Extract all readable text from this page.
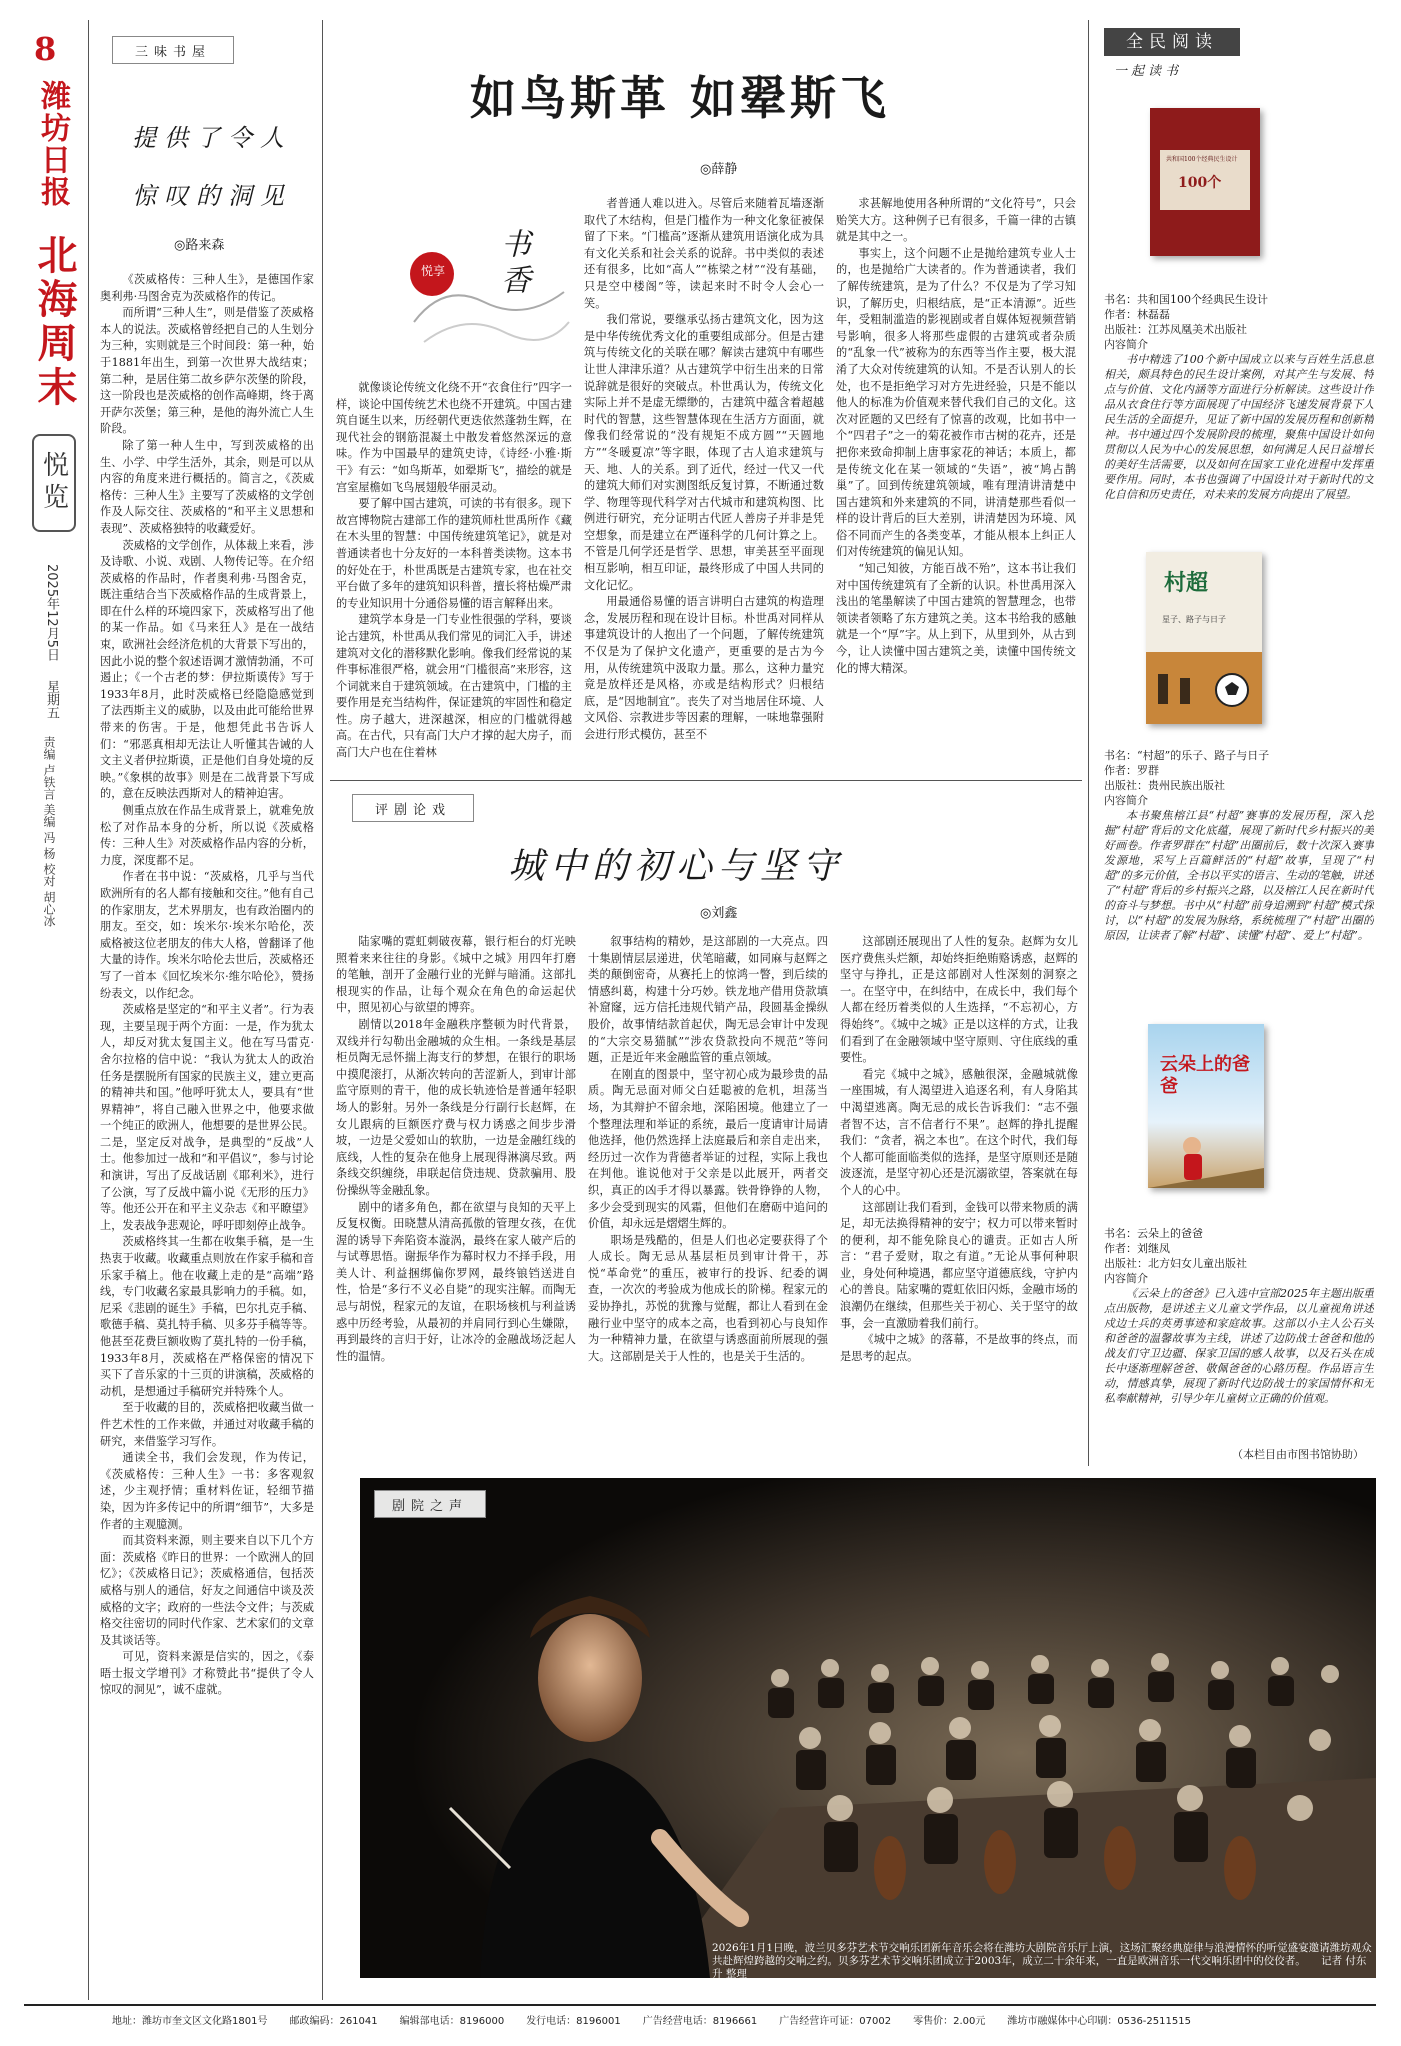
8
潍坊日报
北海周末
悦览
2025年12月5日
星期五
责编 卢铁言 美编 冯 杨 校对 胡心冰
三味书屋
提供了令人
惊叹的洞见
◎路来森

《茨威格传：三种人生》，是德国作家奥利弗·马图舍克为茨威格作的传记。

而所谓“三种人生”，则是借鉴了茨威格本人的说法。茨威格曾经把自己的人生划分为三种，实则就是三个时间段：第一种，始于1881年出生，到第一次世界大战结束；第二种，是居住第二故乡萨尔茨堡的阶段，这一阶段也是茨威格的创作高峰期，终于离开萨尔茨堡；第三种，是他的海外流亡人生阶段。

除了第一种人生中，写到茨威格的出生、小学、中学生活外，其余，则是可以从内容的角度来进行概括的。简言之，《茨威格传：三种人生》主要写了茨威格的文学创作及人际交往、茨威格的“和平主义思想和表现”、茨威格独特的收藏爱好。

茨威格的文学创作，从体裁上来看，涉及诗歌、小说、戏剧、人物传记等。在介绍茨威格的作品时，作者奥利弗·马图舍克，既注重结合当下茨威格作品的生成背景上，即在什么样的环境四家下，茨威格写出了他的某一作品。如《马来狂人》是在一战结束，欧洲社会经济危机的大背景下写出的，因此小说的整个叙述语调才激情勃涌，不可遏止；《一个古老的梦：伊拉斯谟传》写于1933年8月，此时茨威格已经隐隐感觉到了法西斯主义的威胁，以及由此可能给世界带来的伤害。于是，他想凭此书告诉人们：“邪恶真相却无法让人听懂其告诫的人文主义者伊拉斯谟，正是他们自身处境的反映。”《象棋的故事》则是在二战背景下写成的，意在反映法西斯对人的精神迫害。

侧重点放在作品生成背景上，就难免放松了对作品本身的分析，所以说《茨威格传：三种人生》对茨威格作品内容的分析，力度，深度都不足。

作者在书中说：“茨威格，几乎与当代欧洲所有的名人都有接触和交往。”他有自己的作家朋友，艺术界朋友，也有政治圈内的朋友。至交，如：埃米尔·埃米尔哈伦，茨威格被这位老朋友的伟大人格，曾翻译了他大量的诗作。埃米尔哈伦去世后，茨威格还写了一首本《回忆埃米尔·维尔哈伦》，赞扬纷表文，以作纪念。

茨威格是坚定的“和平主义者”。行为表现，主要呈现于两个方面：一是，作为犹太人，却反对犹太复国主义。他在写马雷克·舍尔拉格的信中说：“我认为犹太人的政治任务是摆脱所有国家的民族主义，建立更高的精神共和国。”他呼吁犹太人，要具有“世界精神”，将自己融入世界之中，他要求做一个纯正的欧洲人，他想要的是世界公民。二是，坚定反对战争，是典型的“反战”人士。他参加过一战和“和平倡议”，参与讨论和演讲，写出了反战话剧《耶利米》，进行了公演，写了反战中篇小说《无形的压力》等。他还公开在和平主义杂志《和平瞭望》上，发表战争悲观论，呼吁即刻停止战争。

茨威格终其一生都在收集手稿，是一生热衷于收藏。收藏重点则放在作家手稿和音乐家手稿上。他在收藏上走的是“高端”路线，专门收藏名家最具影响力的手稿。如，尼采《悲剧的诞生》手稿，巴尔扎克手稿、歌德手稿、莫扎特手稿、贝多芬手稿等等。他甚至花费巨额收购了莫扎特的一份手稿，1933年8月，茨威格在严格保密的情况下买下了音乐家的十三页的讲演稿，茨威格的动机，是想通过手稿研究并特殊个人。

至于收藏的目的，茨威格把收藏当做一件艺术性的工作来做，并通过对收藏手稿的研究，来借鉴学习写作。

通读全书，我们会发现，作为传记，《茨威格传：三种人生》一书：多客观叙述，少主观抒情；重材料佐证，轻细节描染，因为许多传记中的所谓“细节”，大多是作者的主观臆测。

而其资料来源，则主要来自以下几个方面：茨威格《昨日的世界：一个欧洲人的回忆》；《茨威格日记》；茨威格通信，包括茨威格与别人的通信，好友之间通信中谈及茨威格的文字；政府的一些法令文件；与茨威格交往密切的同时代作家、艺术家们的文章及其谈话等。

可见，资料来源是信实的，因之，《泰晤士报文学增刊》才称赞此书“提供了令人惊叹的洞见”，诚不虚就。

如鸟斯革 如翚斯飞
◎薛静
悦享 书香

就像谈论传统文化绕不开“衣食住行”四字一样，谈论中国传统艺术也绕不开建筑。中国古建筑自诞生以来，历经朝代更迭依然蓬勃生辉，在现代社会的钢筋混凝土中散发着悠然深远的意味。作为中国最早的建筑史诗，《诗经·小雅·斯干》有云：“如鸟斯革，如翚斯飞”，描绘的就是宫室屋檐如飞鸟展翅般华丽灵动。

要了解中国古建筑，可读的书有很多。现下故宫博物院古建部工作的建筑师杜世禹所作《藏在木头里的智慧：中国传统建筑笔记》，就是对普通读者也十分友好的一本科普类读物。这本书的好处在于，朴世禹既是古建筑专家，也在社交平台做了多年的建筑知识科普，擅长将枯燥严肃的专业知识用十分通俗易懂的语言解释出来。

建筑学本身是一门专业性很强的学科，要谈论古建筑，朴世禹从我们常见的词汇入手，讲述建筑对文化的潜移默化影响。像我们经常说的某件事标准很严格，就会用“门槛很高”来形容，这个词就来自于建筑领域。在古建筑中，门槛的主要作用是充当结构件，保证建筑的牢固性和稳定性。房子越大，进深越深，相应的门槛就得越高。在古代，只有高门大户才撑的起大房子，而高门大户也在住着林

者普通人难以进入。尽管后来随着瓦墙逐渐取代了木结构，但是门槛作为一种文化象征被保留了下来。“门槛高”逐渐从建筑用语演化成为具有文化关系和社会关系的说辞。书中类似的表述还有很多，比如“高人”“栋梁之材”“没有基础，只是空中楼阁”等，读起来时不时令人会心一笑。

我们常说，要继承弘扬古建筑文化，因为这是中华传统优秀文化的重要组成部分。但是古建筑与传统文化的关联在哪？解读古建筑中有哪些让世人津津乐道？从古建筑学中衍生出来的日常说辞就是很好的突破点。朴世禹认为，传统文化实际上并不是虚无缥缈的，古建筑中蕴含着超越时代的智慧，这些智慧体现在生活方方面面，就像我们经常说的“没有规矩不成方圆”“天圆地方”“冬暖夏凉”等字眼，体现了古人追求建筑与天、地、人的关系。到了近代，经过一代又一代的建筑大师们对实测图纸反复讨算，不断通过数学、物理等现代科学对古代城市和建筑构图、比例进行研究，充分证明古代匠人善房子并非是凭空想象，而是建立在严谨科学的几何计算之上。不管是几何学还是哲学、思想，审美甚至平面现相互影响，相互印证，最终形成了中国人共同的文化记忆。

用最通俗易懂的语言讲明白古建筑的构造理念，发展历程和现在设计目标。朴世禹对同样从事建筑设计的人抱出了一个问题，了解传统建筑不仅是为了保护文化遗产，更重要的是古为今用，从传统建筑中汲取力量。那么，这种力量究竟是放样还是风格，亦或是结构形式？归根结底，是“因地制宜”。丧失了对当地居住环境、人文风俗、宗教进步等因素的理解，一味地靠强附会进行形式模仿，甚至不

求甚解地使用各种所谓的“文化符号”，只会贻笑大方。这种例子已有很多，千篇一律的古镇就是其中之一。

事实上，这个问题不止是抛给建筑专业人士的，也是抛给广大读者的。作为普通读者，我们了解传统建筑，是为了什么？不仅是为了学习知识，了解历史，归根结底，是“正本清源”。近些年，受粗制滥造的影视剧或者自媒体短视频营销号影响，很多人将那些虚假的古建筑或者杂质的“乱象一代”被称为的东西等当作主要，极大混淆了大众对传统建筑的认知。不是否认别人的长处，也不是拒绝学习对方先进经验，只是不能以他人的标准为价值观来替代我们自己的文化。这次对匠题的又巴经有了惊喜的改观，比如书中一个“四君子”之一的菊花被作市古树的花卉，还是把你来致命抑制上唐事家花的神话；本质上，都是传统文化在某一领域的“失语”，被“鸠占鹊巢”了。回到传统建筑领域，唯有理清讲清楚中国古建筑和外来建筑的不同，讲清楚那些看似一样的设计背后的巨大差别，讲清楚因为环境、风俗不同而产生的各类变革，才能从根本上纠正人们对传统建筑的偏见认知。

“知己知彼，方能百战不殆”，这本书让我们对中国传统建筑有了全新的认识。朴世禹用深入浅出的笔墨解读了中国古建筑的智慧理念，也带领读者领略了东方建筑之美。这本书给我的感触就是一个“厚”字。从上到下，从里到外，从古到今，让人读懂中国古建筑之美，读懂中国传统文化的博大精深。

评剧论戏
城中的初心与坚守
◎刘鑫

陆家嘴的霓虹刺破夜幕，银行柜台的灯光映照着来来往往的身影。《城中之城》用四年打磨的笔触，剖开了金融行业的光鲜与暗涌。这部扎根现实的作品，让每个观众在角色的命运起伏中，照见初心与欲望的博弈。

剧情以2018年金融秩序整顿为时代背景，双线并行勾勒出金融城的众生相。一条线是基层柜员陶无忌怀揣上海支行的梦想，在银行的职场中摸爬滚打，从渐次转向的苦涩新人，到审计部监守原则的青干，他的成长轨迹恰是普通年轻职场人的影射。另外一条线是分行副行长赵辉，在女儿跟病的巨额医疗费与权力诱惑之间步步滑坡，一边是父爱如山的软肋，一边是金融红线的底线，人性的复杂在他身上展现得淋漓尽致。两条线交织缠绕，串联起信贷违规、贷款骗用、股份操纵等金融乱象。

剧中的诸多角色，都在欲望与良知的天平上反复权衡。田晓慧从清高孤傲的管理女孩，在优渥的诱导下奔陷资本漩涡，最终在家人破产后的与试尊思悟。谢振华作为幕时权力不择手段，用美人计、利益捆绑偏你罗网，最终锒铛送进自性，恰是“多行不义必自毙”的现实注解。而陶无忌与胡悦，程家元的友谊，在职场核机与利益诱惑中历经考验，从最初的并肩同行到心生嫌隙，再到最终的言归于好，让冰冷的金融战场泛起人性的温情。

叙事结构的精妙，是这部剧的一大亮点。四十集剧情层层递进，伏笔暗藏，如同麻与赵辉之类的颠倒密奇，从赛托上的惊鸿一瞥，到后续的情感纠葛，构建十分巧妙。铁龙地产借用贷款填补窟窿，远方信托违规代销产品，段圆基金操纵股价，故事情结款首起伏，陶无忌会审计中发现的“大宗交易猫腻”“涉农贷款投向不规范”等问题，正是近年来金融监管的重点领域。

在刚直的图景中，坚守初心成为最珍贵的品质。陶无忌面对师父白廷聪被的危机，坦荡当场，为其辩护不留余地，深陷困境。他建立了一个整理法理和举证的系统，最后一度请审计局请他选择，他仍然选择上法庭最后和亲自走出来，经历过一次作为背德者举证的过程，实际上我也在判他。谁说他对于父亲是以此展开，两者交织，真正的凶手才得以暴露。铁骨铮铮的人物，多少会受到现实的风霜，但他们在磨砺中追问的价值，却永远是熠熠生辉的。

职场是残酷的，但是人们也必定要获得了个人成长。陶无忌从基层柜员到审计骨干，苏悦“革命党”的重压，被审行的投诉、纪委的调查，一次次的考验成为他成长的阶梯。程家元的妥协挣扎，苏悦的犹豫与觉醒，都让人看到在金融行业中坚守的成本之高，也看到初心与良知作为一种精神力量，在欲望与诱惑面前所展现的强大。这部剧是关于人性的，也是关于生活的。

这部剧还展现出了人性的复杂。赵辉为女儿医疗费焦头烂额，却始终拒绝贿赂诱惑，赵辉的坚守与挣扎，正是这部剧对人性深刻的洞察之一。在坚守中，在纠结中，在成长中，我们每个人都在经历着类似的人生选择，“不忘初心，方得始终”。《城中之城》正是以这样的方式，让我们看到了在金融领域中坚守原则、守住底线的重要性。

看完《城中之城》，感触很深，金融城就像一座围城，有人渴望进入追逐名利，有人身陷其中渴望逃离。陶无忌的成长告诉我们：“志不强者智不达，言不信者行不果”。赵辉的挣扎提醒我们：“贪者，祸之本也”。在这个时代，我们每个人都可能面临类似的选择，是坚守原则还是随波逐流，是坚守初心还是沉溺欲望，答案就在每个人的心中。

这部剧让我们看到，金钱可以带来物质的满足，却无法换得精神的安宁；权力可以带来暂时的便利，却不能免除良心的谴责。正如古人所言：“君子爱财，取之有道。”无论从事何种职业，身处何种境遇，都应坚守道德底线，守护内心的善良。陆家嘴的霓虹依旧闪烁，金融市场的浪潮仍在继续，但那些关于初心、关于坚守的故事，会一直激励着我们前行。

《城中之城》的落幕，不是故事的终点，而是思考的起点。

剧院之声
2026年1月1日晚，波兰贝多芬艺术节交响乐团新年音乐会将在潍坊大剧院音乐厅上演，这场汇聚经典旋律与浪漫情怀的听觉盛宴邀请潍坊观众共赴辉煌跨越的交响之约。贝多芬艺术节交响乐团成立于2003年，成立二十余年来，一直是欧洲音乐一代交响乐团中的佼佼者。 记者 付东升 整理
全民阅读
一起读书
100个
共和国100个经典民生设计
书名：共和国100个经典民生设计
作者：林磊磊
出版社：江苏凤凰美术出版社
内容简介

书中精选了100个新中国成立以来与百姓生活息息相关，颇具特色的民生设计案例，对其产生与发展、特点与价值、文化内涵等方面进行分析解读。这些设计作品从衣食住行等方面展现了中国经济飞速发展背景下人民生活的全面提升，见证了新中国的发展历程和创新精神。书中通过四个发展阶段的梳理，聚焦中国设计如何贯彻以人民为中心的发展思想，如何满足人民日益增长的美好生活需要，以及如何在国家工业化进程中发挥重要作用。同时，本书也强调了中国设计对于新时代的文化自信和历史责任，对未来的发展方向提出了展望。

村超
星子、路子与日子
书名：“村超”的乐子、路子与日子
作者：罗群
出版社：贵州民族出版社
内容简介

本书聚焦榕江县“村超”赛事的发展历程，深入挖掘“村超”背后的文化底蕴，展现了新时代乡村振兴的美好画卷。作者罗群在“村超”出圈前后，数十次深入赛事发源地，采写上百篇鲜活的“村超”故事，呈现了“村超”的多元价值，全书以平实的语言、生动的笔触，讲述了“村超”背后的乡村振兴之路，以及榕江人民在新时代的奋斗与梦想。书中从“村超”前身追溯到“村超”模式探讨，以“村超”的发展为脉络，系统梳理了“村超”出圈的原因，让读者了解“村超”、读懂“村超”、爱上“村超”。

云朵上的爸爸
书名：云朵上的爸爸
作者：刘继凤
出版社：北方妇女儿童出版社
内容简介

《云朵上的爸爸》已入选中宣部2025年主题出版重点出版物，是讲述主义儿童文学作品，以儿童视角讲述戍边士兵的英勇事迹和家庭故事。这部以小主人公石头和爸爸的温馨故事为主线，讲述了边防战士爸爸和他的战友们守卫边疆、保家卫国的感人故事，以及石头在成长中逐渐理解爸爸、敬佩爸爸的心路历程。作品语言生动，情感真挚，展现了新时代边防战士的家国情怀和无私奉献精神，引导少年儿童树立正确的价值观。

（本栏目由市图书馆协助）
地址：潍坊市奎文区文化路1801号 邮政编码：261041 编辑部电话：8196000 发行电话：8196001 广告经营电话：8196661 广告经营许可证：07002 零售价：2.00元 潍坊市融媒体中心印刷：0536-2511515
